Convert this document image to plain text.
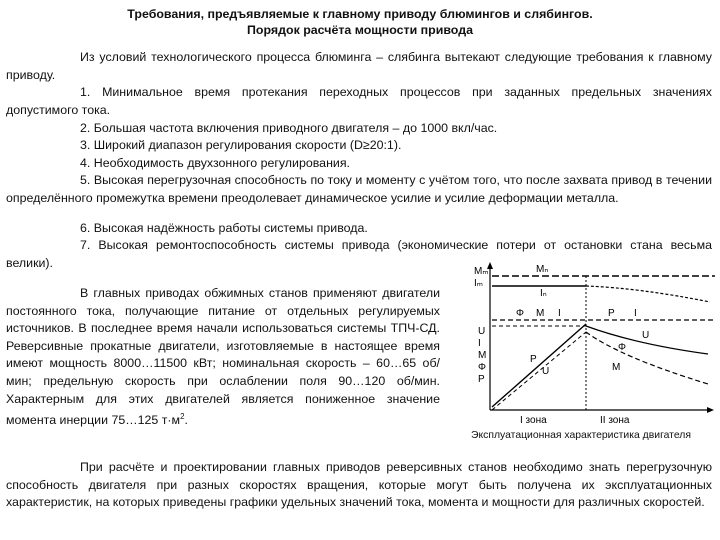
Требования, предъявляемые к главному приводу блюмингов и слябингов.
Порядок расчёта мощности привода
Из условий технологического процесса блюминга – слябинга вытекают следующие требования к главному приводу.
1. Минимальное время протекания переходных процессов при заданных предельных значениях допустимого тока.
2. Большая частота включения приводного двигателя – до 1000 вкл/час.
3. Широкий диапазон регулирования скорости (D≥20:1).
4. Необходимость двухзонного регулирования.
5. Высокая перегрузочная способность по току и моменту с учётом того, что после захвата привод в течении определённого промежутка времени преодолевает динамическое усилие и усилие деформации металла.
6. Высокая надёжность работы системы привода.
7. Высокая ремонтоспособность системы привода (экономические потери от остановки стана весьма велики).
В главных приводах обжимных станов применяют двигатели постоянного тока, получающие питание от отдельных регулируемых источников. В последнее время начали использоваться системы ТПЧ-СД. Реверсивные прокатные двигатели, изготовляемые в настоящее время имеют мощность 8000…11500 кВт; номинальная скорость – 60…65 об/мин; предельную скорость при ослаблении поля 90…120 об/мин. Характерным для этих двигателей является пониженное значение момента инерции 75…125 $т\cdot м^2$.
Mₘ
Iₘ
Mₙ
Iₙ
U
I
M
Φ
P
Φ M I	P I
U
Φ
M
P
U
I зона	II зона
Эксплуатационная характеристика двигателя
При расчёте и проектировании главных приводов реверсивных станов необходимо знать перегрузочную способность двигателя при разных скоростях вращения, которые могут быть получена их эксплуатационных характеристик, на которых приведены графики удельных значений тока, момента и мощности для различных скоростей.
